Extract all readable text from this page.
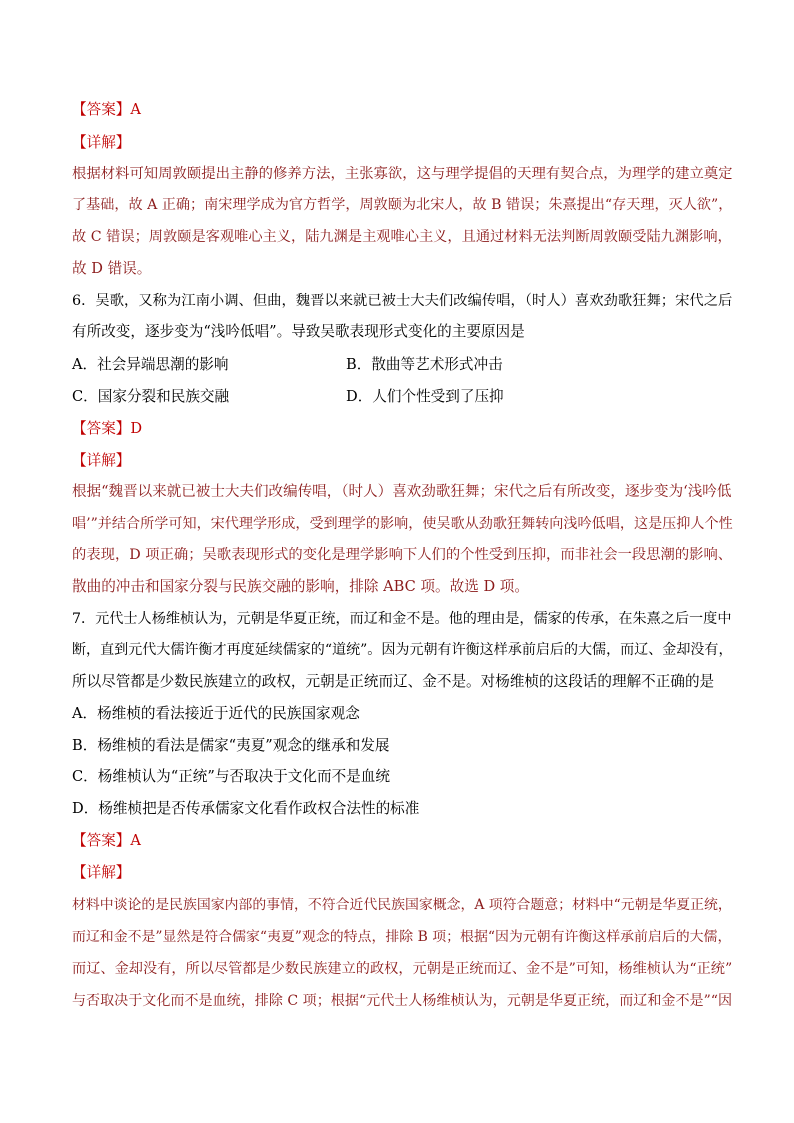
【答案】A
【详解】
根据材料可知周敦颐提出主静的修养方法，主张寡欲，这与理学提倡的天理有契合点，为理学的建立奠定
了基础，故 A 正确；南宋理学成为官方哲学，周敦颐为北宋人，故 B 错误；朱熹提出“存天理，灭人欲”，
故 C 错误；周敦颐是客观唯心主义，陆九渊是主观唯心主义，且通过材料无法判断周敦颐受陆九渊影响，
故 D 错误。
6．吴歌，又称为江南小调、但曲，魏晋以来就已被士大夫们改编传唱，（时人）喜欢劲歌狂舞；宋代之后
有所改变，逐步变为“浅吟低唱”。导致吴歌表现形式变化的主要原因是
A．社会异端思潮的影响	B．散曲等艺术形式冲击
C．国家分裂和民族交融	D．人们个性受到了压抑
【答案】D
【详解】
根据“魏晋以来就已被士大夫们改编传唱，（时人）喜欢劲歌狂舞；宋代之后有所改变，逐步变为‘浅吟低
唱’”并结合所学可知，宋代理学形成，受到理学的影响，使吴歌从劲歌狂舞转向浅吟低唱，这是压抑人个性
的表现，D 项正确；吴歌表现形式的变化是理学影响下人们的个性受到压抑，而非社会一段思潮的影响、
散曲的冲击和国家分裂与民族交融的影响，排除 ABC 项。故选 D 项。
7．元代士人杨维桢认为，元朝是华夏正统，而辽和金不是。他的理由是，儒家的传承，在朱熹之后一度中
断，直到元代大儒许衡才再度延续儒家的“道统”。因为元朝有许衡这样承前启后的大儒，而辽、金却没有，
所以尽管都是少数民族建立的政权，元朝是正统而辽、金不是。对杨维桢的这段话的理解不正确的是
A．杨维桢的看法接近于近代的民族国家观念
B．杨维桢的看法是儒家“夷夏”观念的继承和发展
C．杨维桢认为“正统”与否取决于文化而不是血统
D．杨维桢把是否传承儒家文化看作政权合法性的标准
【答案】A
【详解】
材料中谈论的是民族国家内部的事情，不符合近代民族国家概念，A 项符合题意；材料中“元朝是华夏正统，
而辽和金不是”显然是符合儒家“夷夏”观念的特点，排除 B 项；根据“因为元朝有许衡这样承前启后的大儒，
而辽、金却没有，所以尽管都是少数民族建立的政权，元朝是正统而辽、金不是”可知，杨维桢认为“正统”
与否取决于文化而不是血统，排除 C 项；根据“元代士人杨维桢认为，元朝是华夏正统，而辽和金不是”“因
